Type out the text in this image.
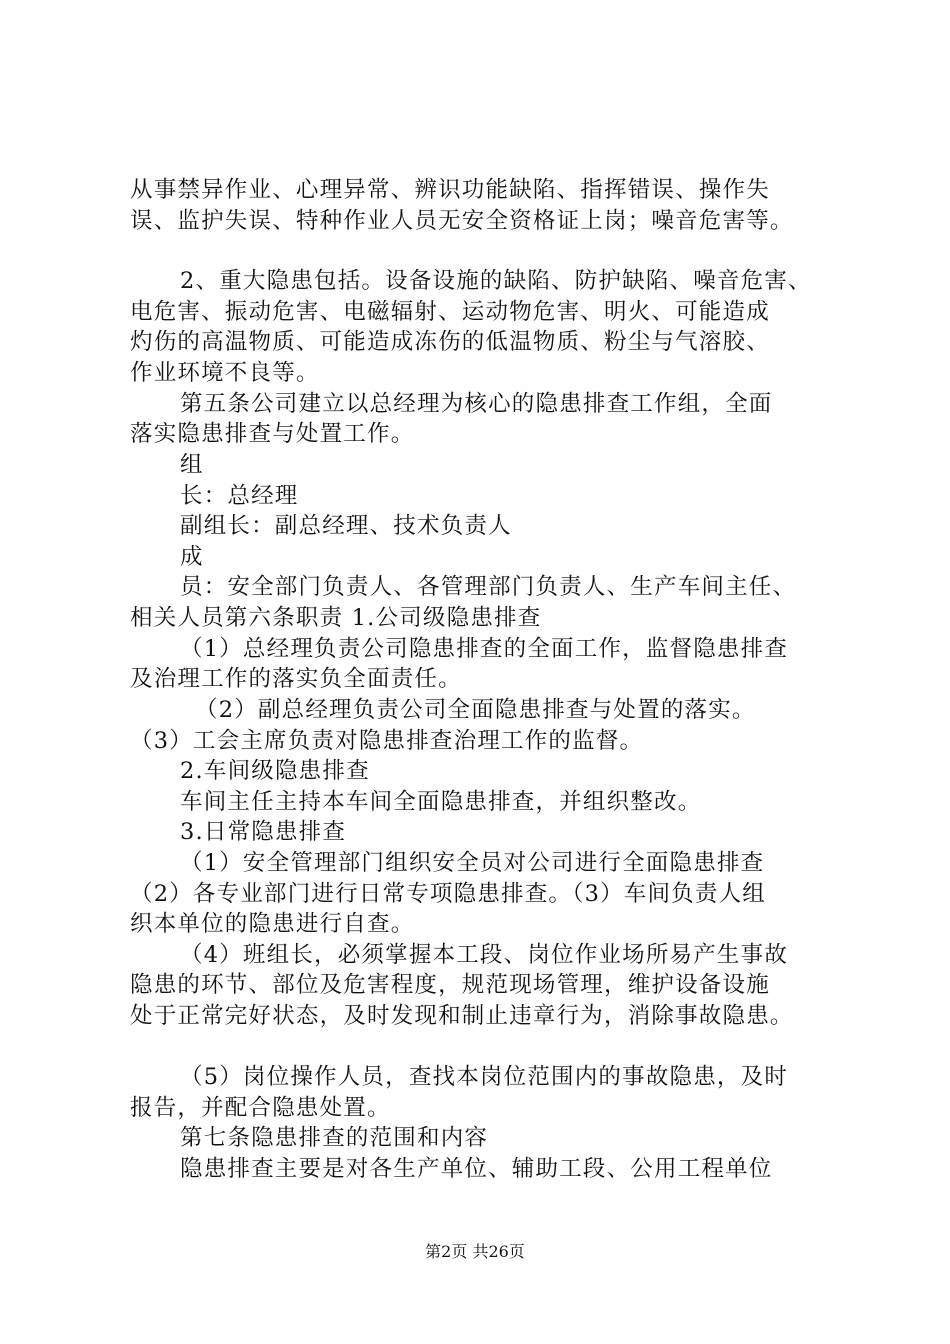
从事禁异作业、心理异常、辨识功能缺陷、指挥错误、操作失
误、监护失误、特种作业人员无安全资格证上岗；噪音危害等。
2、重大隐患包括。设备设施的缺陷、防护缺陷、噪音危害、
电危害、振动危害、电磁辐射、运动物危害、明火、可能造成
灼伤的高温物质、可能造成冻伤的低温物质、粉尘与气溶胶、
作业环境不良等。
第五条公司建立以总经理为核心的隐患排查工作组，全面
落实隐患排查与处置工作。
组
长：总经理
副组长：副总经理、技术负责人
成
员：安全部门负责人、各管理部门负责人、生产车间主任、
相关人员第六条职责 1.公司级隐患排查
（1）总经理负责公司隐患排查的全面工作，监督隐患排查
及治理工作的落实负全面责任。
（2）副总经理负责公司全面隐患排查与处置的落实。
（3）工会主席负责对隐患排查治理工作的监督。
2.车间级隐患排查
车间主任主持本车间全面隐患排查，并组织整改。
3.日常隐患排查
（1）安全管理部门组织安全员对公司进行全面隐患排查
（2）各专业部门进行日常专项隐患排查。（3）车间负责人组
织本单位的隐患进行自查。
（4）班组长，必须掌握本工段、岗位作业场所易产生事故
隐患的环节、部位及危害程度，规范现场管理，维护设备设施
处于正常完好状态，及时发现和制止违章行为，消除事故隐患。
（5）岗位操作人员，查找本岗位范围内的事故隐患，及时
报告，并配合隐患处置。
第七条隐患排查的范围和内容
隐患排查主要是对各生产单位、辅助工段、公用工程单位
第2页 共26页
